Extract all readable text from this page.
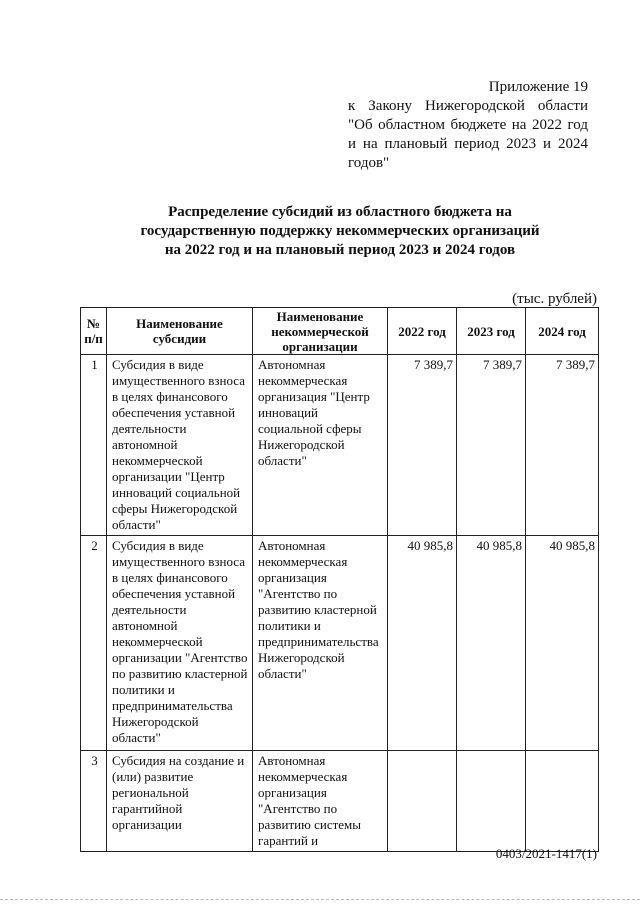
Приложение 19
к Закону Нижегородской области
"Об областном бюджете на 2022 год
и на плановый период 2023 и 2024
годов"
Распределение субсидий из областного бюджета на
государственную поддержку некоммерческих организаций
на 2022 год и на плановый период 2023 и 2024 годов
(тыс. рублей)
№ п/п	Наименование субсидии	Наименование некоммерческой организации	2022 год	2023 год	2024 год
1	Субсидия в виде имущественного взноса в целях финансового обеспечения уставной деятельности автономной некоммерческой организации "Центр инноваций социальной сферы Нижегородской области"	Автономная некоммерческая организация "Центр инноваций социальной сферы Нижегородской области"	7 389,7	7 389,7	7 389,7
2	Субсидия в виде имущественного взноса в целях финансового обеспечения уставной деятельности автономной некоммерческой организации "Агентство по развитию кластерной политики и предпринимательства Нижегородской области"	Автономная некоммерческая организация "Агентство по развитию кластерной политики и предпринимательства Нижегородской области"	40 985,8	40 985,8	40 985,8
3	Субсидия на создание и (или) развитие региональной гарантийной организации	Автономная некоммерческая организация "Агентство по развитию системы гарантий и			
0403/2021-1417(1)
